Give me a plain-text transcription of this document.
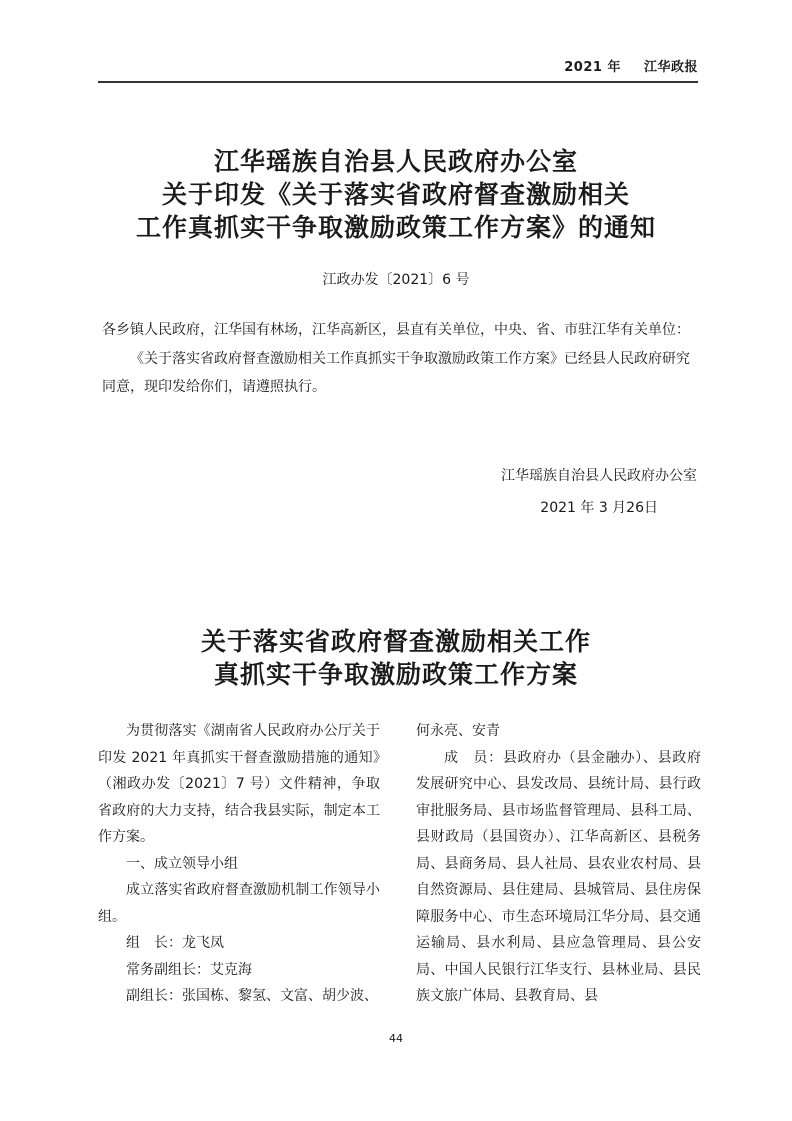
2021 年 江华政报
江华瑶族自治县人民政府办公室
关于印发《关于落实省政府督查激励相关
工作真抓实干争取激励政策工作方案》的通知
江政办发〔2021〕6 号
各乡镇人民政府，江华国有林场，江华高新区，县直有关单位，中央、省、市驻江华有关单位：
《关于落实省政府督查激励相关工作真抓实干争取激励政策工作方案》已经县人民政府研究同意，现印发给你们，请遵照执行。
江华瑶族自治县人民政府办公室
2021 年 3 月26日
关于落实省政府督查激励相关工作
真抓实干争取激励政策工作方案

为贯彻落实《湖南省人民政府办公厅关于印发 2021 年真抓实干督查激励措施的通知》（湘政办发〔2021〕7 号）文件精神，争取省政府的大力支持，结合我县实际，制定本工作方案。

一、成立领导小组

成立落实省政府督查激励机制工作领导小组。

组　长：龙飞凤

常务副组长：艾克海

副组长：张国栋、黎氢、文富、胡少波、

何永亮、安青

成　员：县政府办（县金融办）、县政府发展研究中心、县发改局、县统计局、县行政审批服务局、县市场监督管理局、县科工局、县财政局（县国资办）、江华高新区、县税务局、县商务局、县人社局、县农业农村局、县自然资源局、县住建局、县城管局、县住房保障服务中心、市生态环境局江华分局、县交通运输局、县水利局、县应急管理局、县公安局、中国人民银行江华支行、县林业局、县民族文旅广体局、县教育局、县

44
